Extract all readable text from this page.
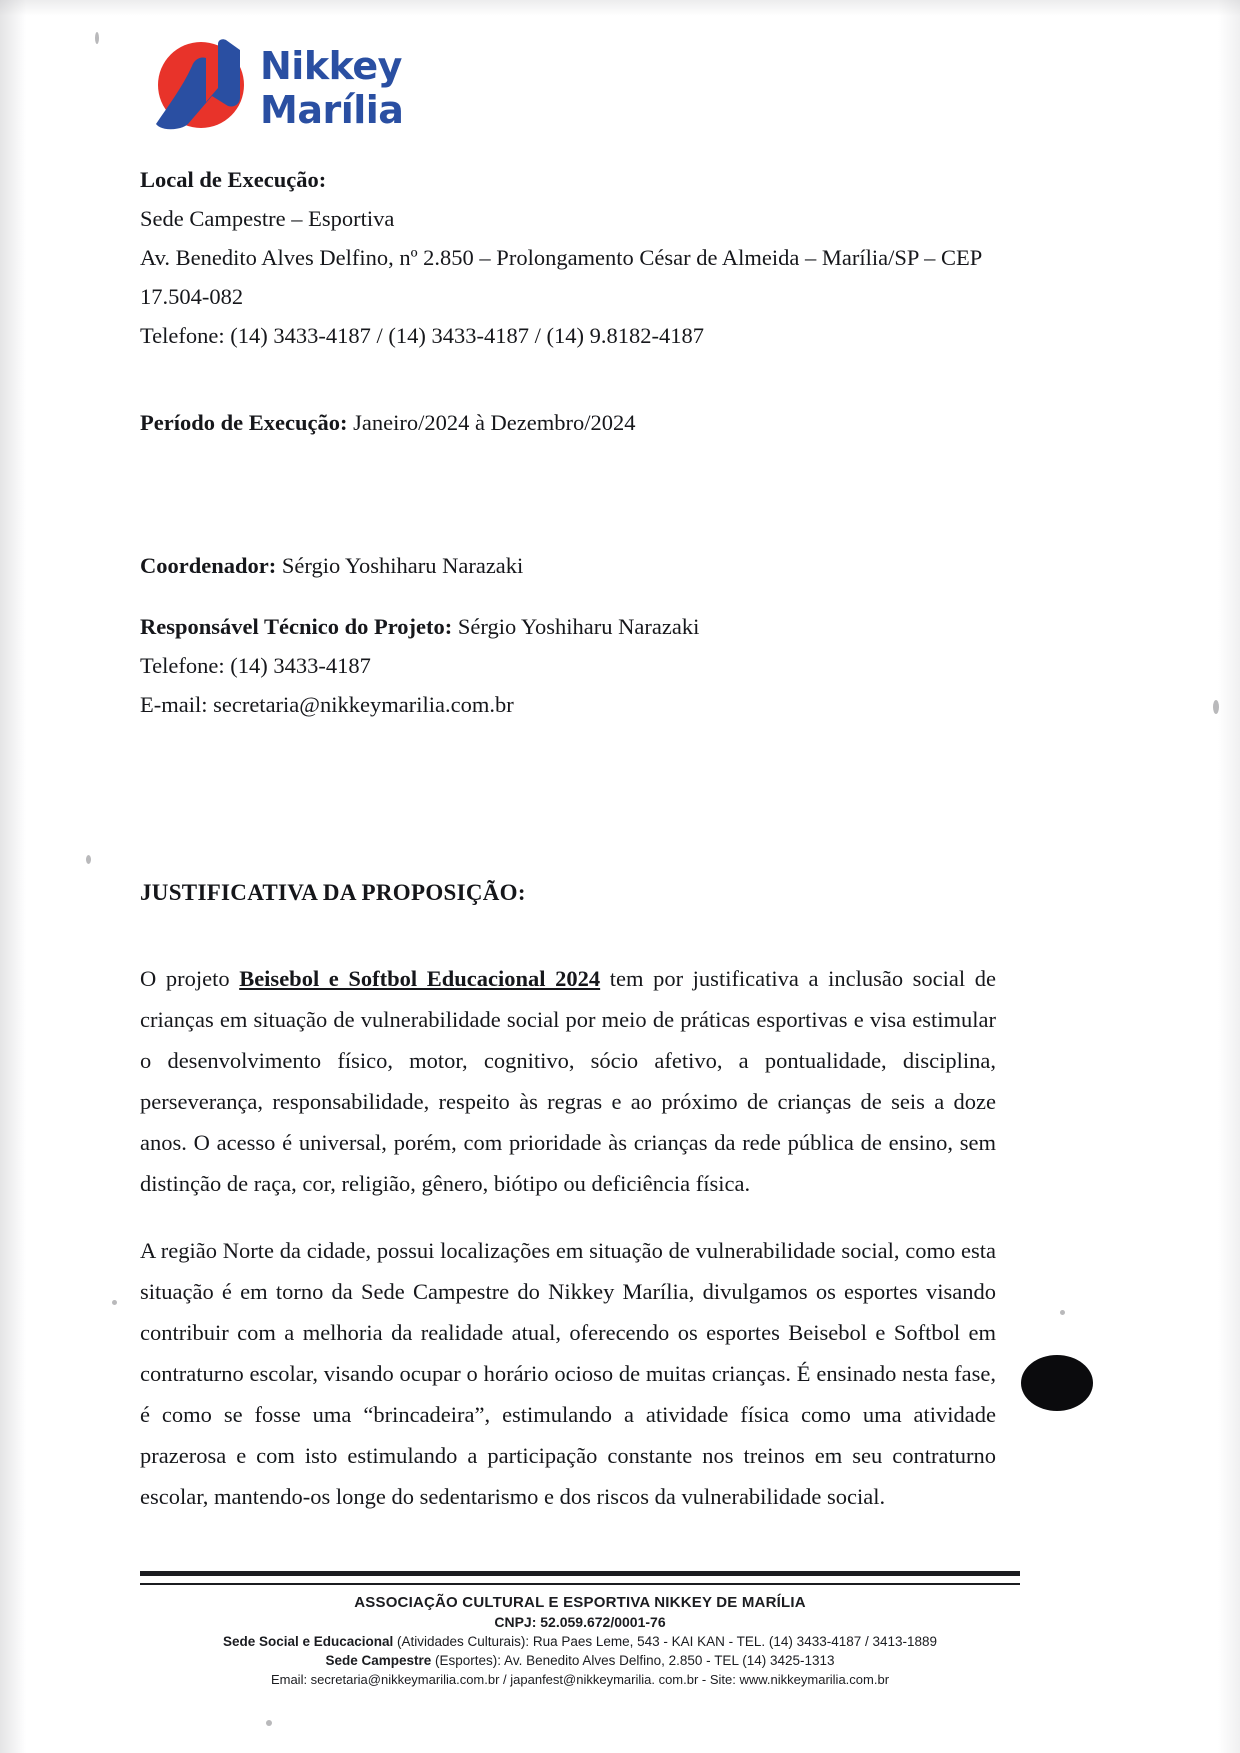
Nikkey
Marília
Local de Execução:
Sede Campestre – Esportiva
Av. Benedito Alves Delfino, nº 2.850 – Prolongamento César de Almeida – Marília/SP – CEP
17.504-082
Telefone: (14) 3433-4187 / (14) 3433-4187 / (14) 9.8182-4187
Período de Execução: Janeiro/2024 à Dezembro/2024
Coordenador: Sérgio Yoshiharu Narazaki
Responsável Técnico do Projeto: Sérgio Yoshiharu Narazaki
Telefone: (14) 3433-4187
E-mail: secretaria@nikkeymarilia.com.br
JUSTIFICATIVA DA PROPOSIÇÃO:

O projeto Beisebol e Softbol Educacional 2024 tem por justificativa a inclusão social de crianças em situação de vulnerabilidade social por meio de práticas esportivas e visa estimular o desenvolvimento físico, motor, cognitivo, sócio afetivo, a pontualidade, disciplina, perseverança, responsabilidade, respeito às regras e ao próximo de crianças de seis a doze anos. O acesso é universal, porém, com prioridade às crianças da rede pública de ensino, sem distinção de raça, cor, religião, gênero, biótipo ou deficiência física.

A região Norte da cidade, possui localizações em situação de vulnerabilidade social, como esta situação é em torno da Sede Campestre do Nikkey Marília, divulgamos os esportes visando contribuir com a melhoria da realidade atual, oferecendo os esportes Beisebol e Softbol em contraturno escolar, visando ocupar o horário ocioso de muitas crianças. É ensinado nesta fase, é como se fosse uma “brincadeira”, estimulando a atividade física como uma atividade prazerosa e com isto estimulando a participação constante nos treinos em seu contraturno escolar, mantendo-os longe do sedentarismo e dos riscos da vulnerabilidade social.

ASSOCIAÇÃO CULTURAL E ESPORTIVA NIKKEY DE MARÍLIA
CNPJ: 52.059.672/0001-76
Sede Social e Educacional (Atividades Culturais): Rua Paes Leme, 543 - KAI KAN - TEL. (14) 3433-4187 / 3413-1889
Sede Campestre (Esportes): Av. Benedito Alves Delfino, 2.850 - TEL (14) 3425-1313
Email: secretaria@nikkeymarilia.com.br / japanfest@nikkeymarilia. com.br - Site: www.nikkeymarilia.com.br
